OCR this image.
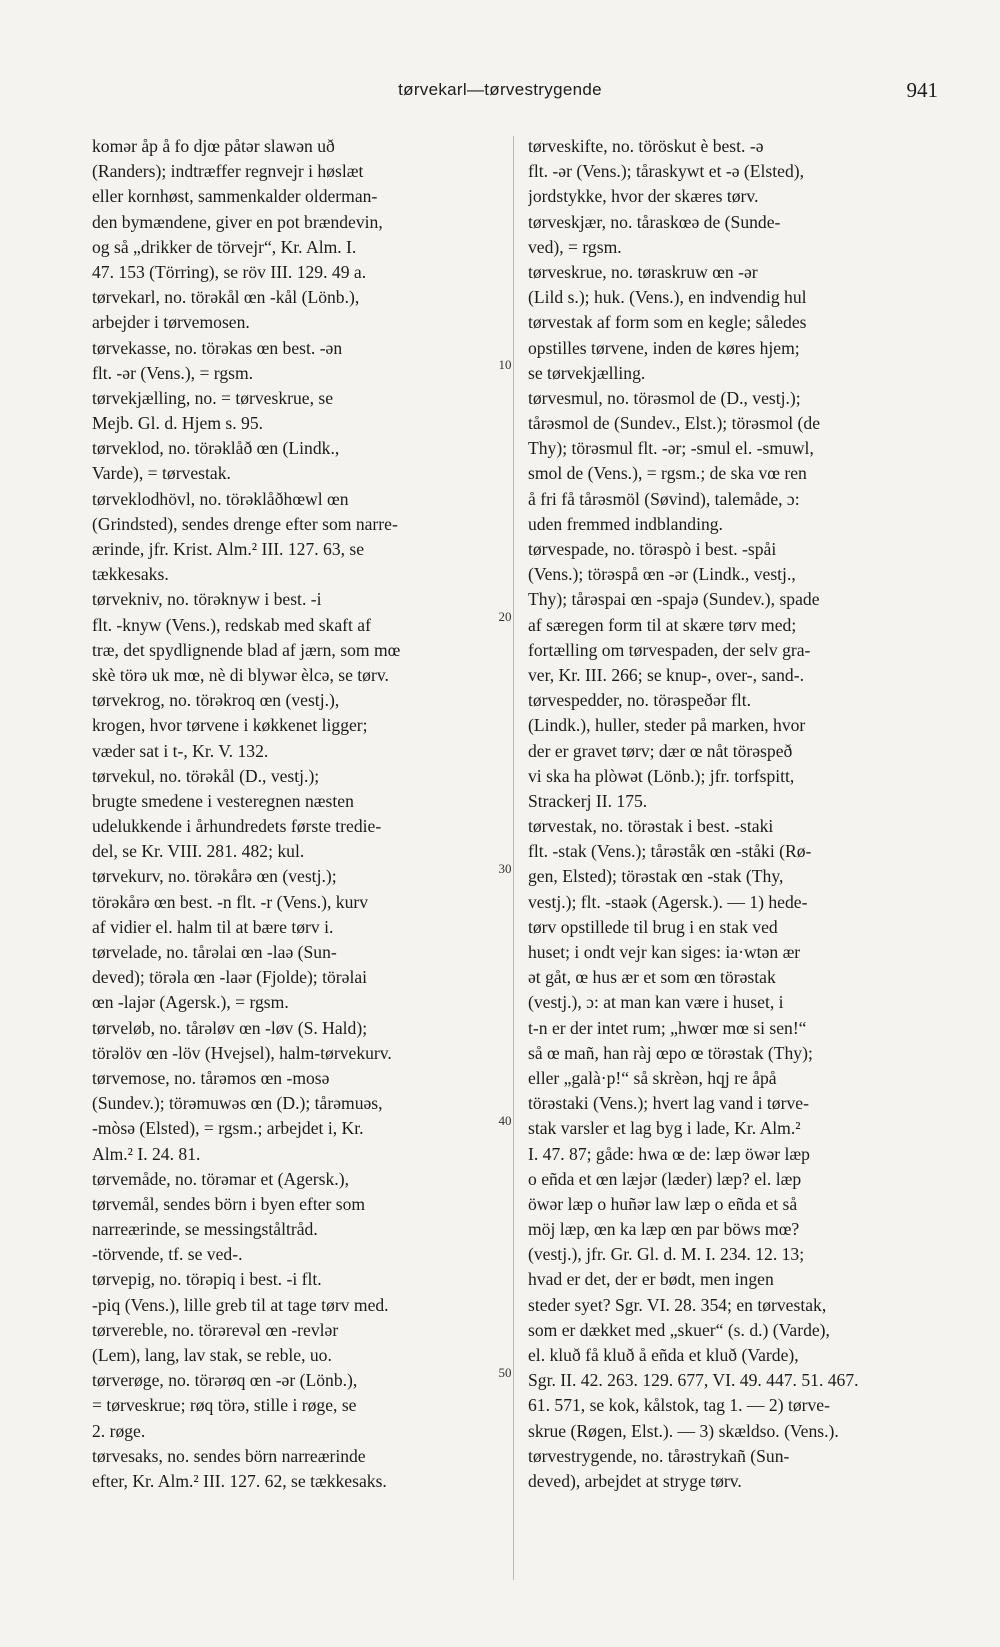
tørvekarl—tørvestrygende	941
komər åp å fo djœ påtər slawən uð
(Randers); indtræffer regnvejr i høslæt
eller kornhøst, sammenkalder olderman-
den bymændene, giver en pot brændevin,
og så „drikker de törvejr“, Kr. Alm. I.
47. 153 (Törring), se röv III. 129. 49 a.
tørvekarl, no. törəkål œn -kål (Lönb.),
arbejder i tørvemosen.
tørvekasse, no. törəkas œn best. -ən
flt. -ər (Vens.), = rgsm.
tørvekjælling, no. = tørveskrue, se
Mejb. Gl. d. Hjem s. 95.
tørveklod, no. törəklåð œn (Lindk.,
Varde), = tørvestak.
tørveklodhövl, no. törəklåðhœwl œn
(Grindsted), sendes drenge efter som narre-
ærinde, jfr. Krist. Alm.² III. 127. 63, se
tækkesaks.
tørvekniv, no. törəknyw i best. -i
flt. -knyw (Vens.), redskab med skaft af
træ, det spydlignende blad af jærn, som mœ
skè törə uk mœ, nè di blywər èlcə, se tørv.
tørvekrog, no. törəkroq œn (vestj.),
krogen, hvor tørvene i køkkenet ligger;
væder sat i t-, Kr. V. 132.
tørvekul, no. törəkål (D., vestj.);
brugte smedene i vesteregnen næsten
udelukkende i århundredets første tredie-
del, se Kr. VIII. 281. 482; kul.
tørvekurv, no. törəkårə œn (vestj.);
törəkårə œn best. -n flt. -r (Vens.), kurv
af vidier el. halm til at bære tørv i.
tørvelade, no. tårəlai œn -laə (Sun-
deved); törəla œn -laər (Fjolde); törəlai
œn -lajər (Agersk.), = rgsm.
tørveløb, no. tårəløv œn -løv (S. Hald);
törəlöv œn -löv (Hvejsel), halm-tørvekurv.
tørvemose, no. tårəmos œn -mosə
(Sundev.); törəmuwəs œn (D.); tårəmuəs,
-mòsə (Elsted), = rgsm.; arbejdet i, Kr.
Alm.² I. 24. 81.
tørvemåde, no. törəmar et (Agersk.),
tørvemål, sendes börn i byen efter som
narreærinde, se messingståltråd.
-törvende, tf. se ved-.
tørvepig, no. törəpiq i best. -i flt.
-piq (Vens.), lille greb til at tage tørv med.
tørvereble, no. törərevəl œn -revlər
(Lem), lang, lav stak, se reble, uo.
tørverøge, no. törərøq œn -ər (Lönb.),
= tørveskrue; røq törə, stille i røge, se
2. røge.
tørvesaks, no. sendes börn narreærinde
efter, Kr. Alm.² III. 127. 62, se tækkesaks.
tørveskifte, no. töröskut è best. -ə
flt. -ər (Vens.); tåraskywt et -ə (Elsted),
jordstykke, hvor der skæres tørv.
tørveskjær, no. tåraskœə de (Sunde-
ved), = rgsm.
tørveskrue, no. tøraskruw œn -ər
(Lild s.); huk. (Vens.), en indvendig hul
tørvestak af form som en kegle; således
opstilles tørvene, inden de køres hjem;
se tørvekjælling.
tørvesmul, no. törəsmol de (D., vestj.);
tårəsmol de (Sundev., Elst.); törəsmol (de
Thy); törəsmul flt. -ər; -smul el. -smuwl,
smol de (Vens.), = rgsm.; de ska vœ ren
å fri få tårəsmöl (Søvind), talemåde, ɔ:
uden fremmed indblanding.
tørvespade, no. törəspò i best. -spåi
(Vens.); törəspå œn -ər (Lindk., vestj.,
Thy); tårəspai œn -spajə (Sundev.), spade
af særegen form til at skære tørv med;
fortælling om tørvespaden, der selv gra-
ver, Kr. III. 266; se knup-, over-, sand-.
tørvespedder, no. törəspeðər flt.
(Lindk.), huller, steder på marken, hvor
der er gravet tørv; dær œ nåt törəspeð
vi ska ha plòwət (Lönb.); jfr. torfspitt,
Strackerj II. 175.
tørvestak, no. törəstak i best. -staki
flt. -stak (Vens.); tårəståk œn -ståki (Rø-
gen, Elsted); törəstak œn -stak (Thy,
vestj.); flt. -staək (Agersk.). — 1) hede-
tørv opstillede til brug i en stak ved
huset; i ondt vejr kan siges: ia·wtən ær
ət gåt, œ hus ær et som œn törəstak
(vestj.), ɔ: at man kan være i huset, i
t-n er der intet rum; „hwœr mœ si sen!“
så œ mañ, han ràj œpo œ törəstak (Thy);
eller „galà·p!“ så skrèən, hqj re åpå
törəstaki (Vens.); hvert lag vand i tørve-
stak varsler et lag byg i lade, Kr. Alm.²
I. 47. 87; gåde: hwa œ de: læp öwər læp
o eñda et œn læjər (læder) læp? el. læp
öwər læp o huñər law læp o eñda et så
möj læp, œn ka læp œn par böws mœ?
(vestj.), jfr. Gr. Gl. d. M. I. 234. 12. 13;
hvad er det, der er bødt, men ingen
steder syet? Sgr. VI. 28. 354; en tørvestak,
som er dækket med „skuer“ (s. d.) (Varde),
el. kluð få kluð å eñda et kluð (Varde),
Sgr. II. 42. 263. 129. 677, VI. 49. 447. 51. 467.
61. 571, se kok, kålstok, tag 1. — 2) tørve-
skrue (Røgen, Elst.). — 3) skældso. (Vens.).
tørvestrygende, no. tårəstrykañ (Sun-
deved), arbejdet at stryge tørv.
10
20
30
40
50
